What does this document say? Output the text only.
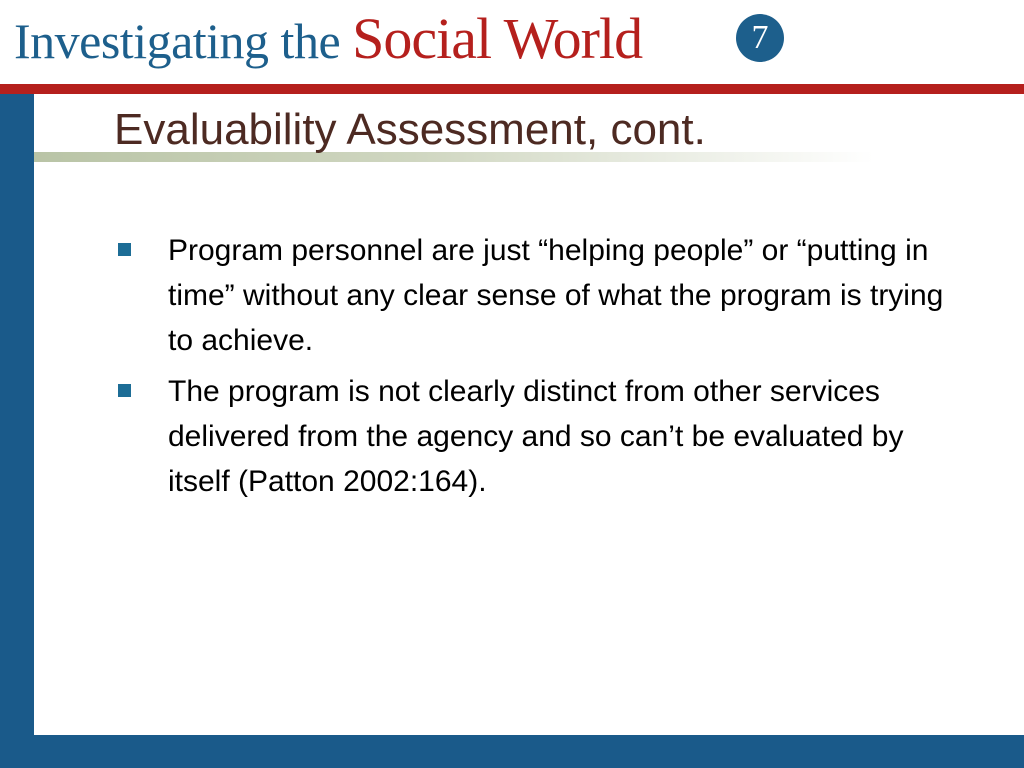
Investigating the Social World	7
Evaluability Assessment, cont.
Program personnel are just “helping people” or “putting in time” without any clear sense of what the program is trying to achieve.
The program is not clearly distinct from other services delivered from the agency and so can’t be evaluated by itself (Patton 2002:164).
